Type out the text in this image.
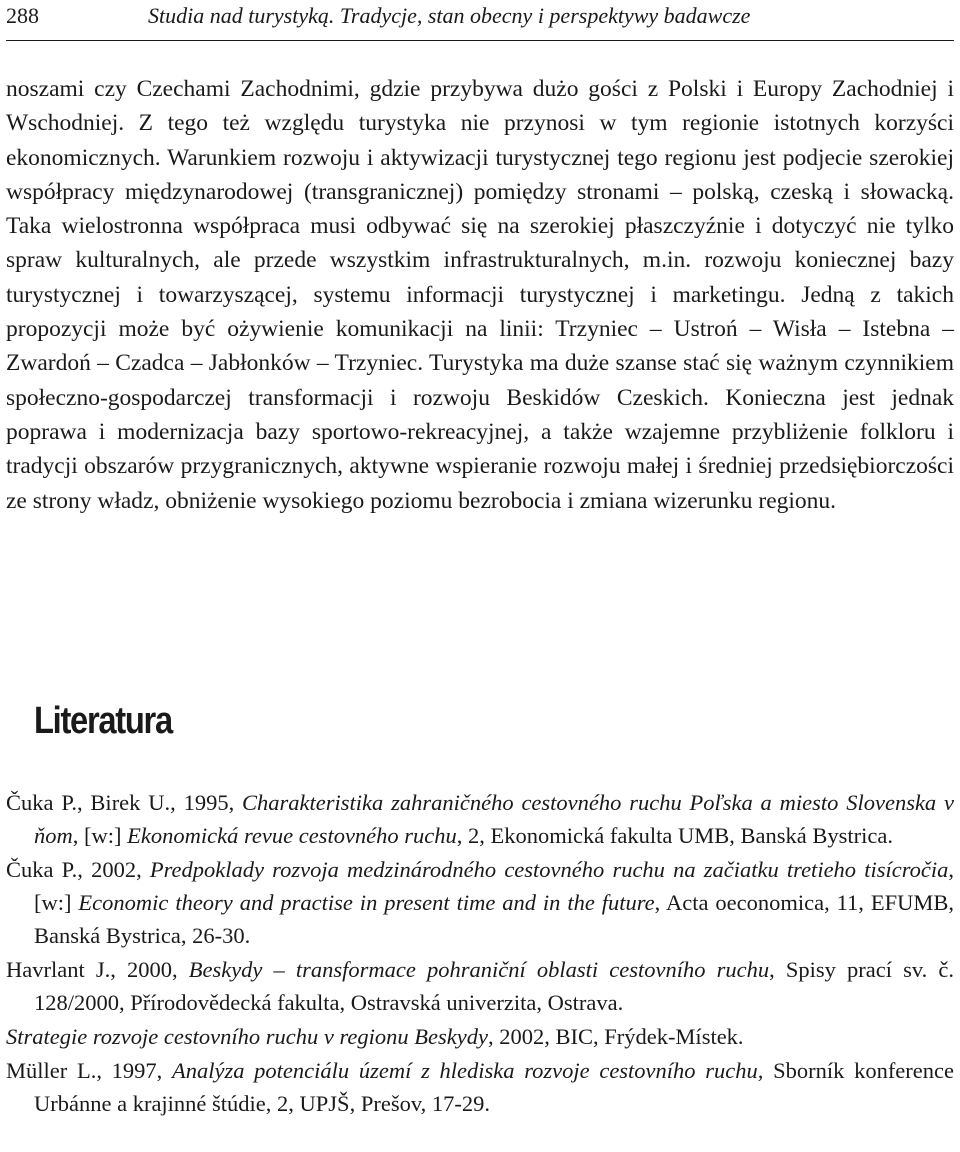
288	Studia nad turystyką. Tradycje, stan obecny i perspektywy badawcze

noszami czy Czechami Zachodnimi, gdzie przybywa dużo gości z Polski i Europy Zachodniej i Wschodniej. Z tego też względu turystyka nie przynosi w tym regionie istotnych korzyści ekonomicznych. Warunkiem rozwoju i aktywizacji turystycznej tego regionu jest podjecie szerokiej współpracy międzynarodowej (transgranicznej) pomiędzy stronami – polską, czeską i słowacką. Taka wielostronna współpraca musi odbywać się na szerokiej płaszczyźnie i dotyczyć nie tylko spraw kulturalnych, ale przede wszystkim infrastrukturalnych, m.in. rozwoju koniecznej bazy turystycznej i towarzyszącej, systemu informacji turystycznej i marketingu. Jedną z takich propozycji może być ożywienie komunikacji na linii: Trzyniec – Ustroń – Wisła – Istebna – Zwardoń – Czadca – Jabłonków – Trzyniec. Turystyka ma duże szanse stać się ważnym czynnikiem społeczno-gospodarczej transformacji i rozwoju Beskidów Czeskich. Konieczna jest jednak poprawa i modernizacja bazy sportowo-rekreacyjnej, a także wzajemne przybliżenie folkloru i tradycji obszarów przygranicznych, aktywne wspieranie rozwoju małej i średniej przedsiębiorczości ze strony władz, obniżenie wysokiego poziomu bezrobocia i zmiana wizerunku regionu.

Literatura

Čuka P., Birek U., 1995, Charakteristika zahraničného cestovného ruchu Poľska a miesto Slovenska v ňom, [w:] Ekonomická revue cestovného ruchu, 2, Ekonomická fakulta UMB, Banská Bystrica.

Čuka P., 2002, Predpoklady rozvoja medzinárodného cestovného ruchu na začiatku tretieho tisícročia, [w:] Economic theory and practise in present time and in the future, Acta oeconomica, 11, EFUMB, Banská Bystrica, 26-30.

Havrlant J., 2000, Beskydy – transformace pohraniční oblasti cestovního ruchu, Spisy prací sv. č. 128/2000, Přírodovědecká fakulta, Ostravská univerzita, Ostrava.

Strategie rozvoje cestovního ruchu v regionu Beskydy, 2002, BIC, Frýdek-Místek.

Müller L., 1997, Analýza potenciálu území z hlediska rozvoje cestovního ruchu, Sborník konference Urbánne a krajinné štúdie, 2, UPJŠ, Prešov, 17-29.
